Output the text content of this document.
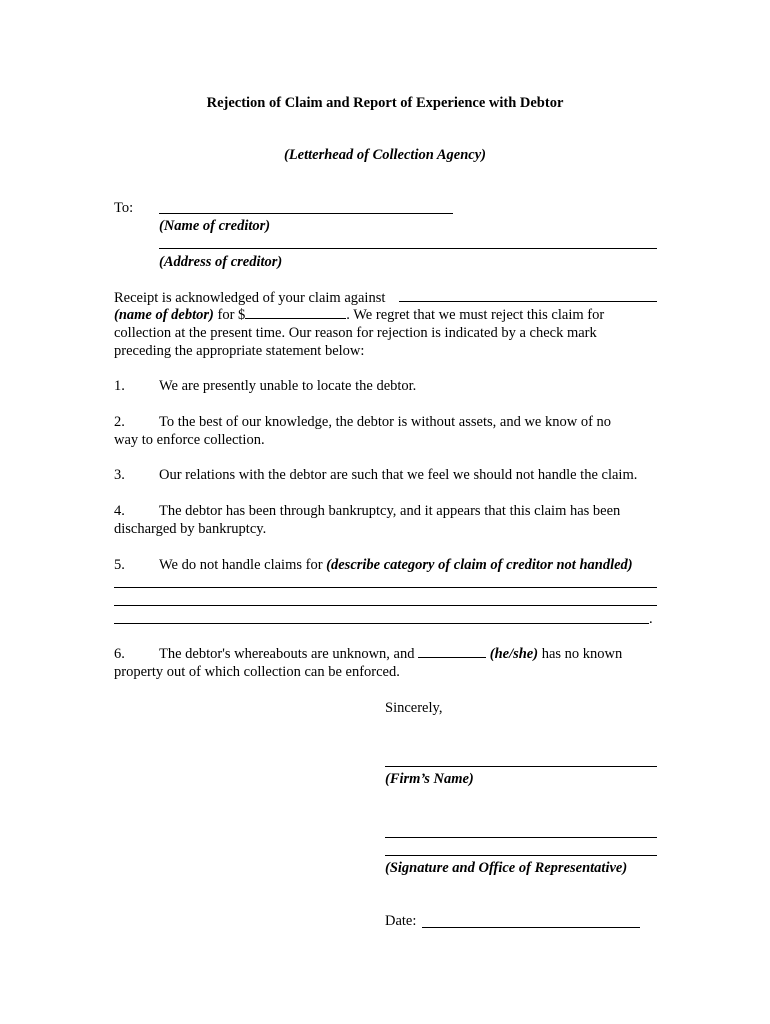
Rejection of Claim and Report of Experience with Debtor
(Letterhead of Collection Agency)
To:
(Name of creditor)
(Address of creditor)
Receipt is acknowledged of your claim against
(name of debtor) for $	. We regret that we must reject this claim for
collection at the present time. Our reason for rejection is indicated by a check mark
preceding the appropriate statement below:
1. We are presently unable to locate the debtor.
2. To the best of our knowledge, the debtor is without assets, and we know of no
way to enforce collection.
3. Our relations with the debtor are such that we feel we should not handle the claim.
4. The debtor has been through bankruptcy, and it appears that this claim has been
discharged by bankruptcy.
5. We do not handle claims for (describe category of claim of creditor not handled)
.
6. The debtor's whereabouts are unknown, and	(he/she) has no known
property out of which collection can be enforced.
Sincerely,
(Firm’s Name)
(Signature and Office of Representative)
Date:
